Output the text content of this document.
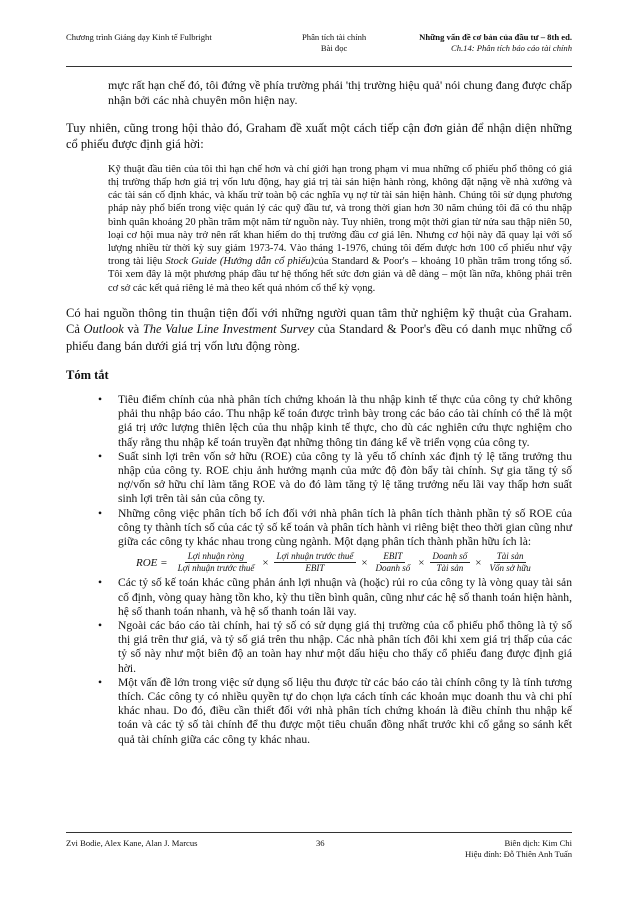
Chương trình Giảng dạy Kinh tế Fulbright	Phân tích tài chính
Bài đọc
Những vấn đề cơ bản của đầu tư – 8th ed.
Ch.14: Phân tích báo cáo tài chính

mực rất hạn chế đó, tôi đứng về phía trường phái 'thị trường hiệu quả' nói chung đang được chấp nhận bởi các nhà chuyên môn hiện nay.

Tuy nhiên, cũng trong hội thảo đó, Graham đề xuất một cách tiếp cận đơn giản để nhận diện những cổ phiếu được định giá hời:

Kỹ thuật đầu tiên của tôi thì hạn chế hơn và chỉ giới hạn trong phạm vi mua những cổ phiếu phổ thông có giá thị trường thấp hơn giá trị vốn lưu động, hay giá trị tài sản hiện hành ròng, không đặt nặng về nhà xưởng và các tài sản cố định khác, và khấu trừ toàn bộ các nghĩa vụ nợ từ tài sản hiện hành. Chúng tôi sử dụng phương pháp này phổ biến trong việc quản lý các quỹ đầu tư, và trong thời gian hơn 30 năm chúng tôi đã có thu nhập bình quân khoảng 20 phần trăm một năm từ nguồn này. Tuy nhiên, trong một thời gian từ nửa sau thập niên 50, loại cơ hội mua này trở nên rất khan hiếm do thị trường đầu cơ giá lên. Nhưng cơ hội này đã quay lại với số lượng nhiều từ thời kỳ suy giảm 1973-74. Vào tháng 1-1976, chúng tôi đếm được hơn 100 cổ phiếu như vậy trong tài liệu Stock Guide (Hướng dẫn cổ phiếu)của Standard & Poor's – khoảng 10 phần trăm trong tổng số. Tôi xem đây là một phương pháp đầu tư hệ thống hết sức đơn giản và dễ dàng – một lần nữa, không phải trên cơ sở các kết quả riêng lẻ mà theo kết quả nhóm cổ thể kỳ vọng.

Có hai nguồn thông tin thuận tiện đối với những người quan tâm thử nghiệm kỹ thuật của Graham. Cả Outlook và The Value Line Investment Survey của Standard & Poor's đều có danh mục những cổ phiếu đang bán dưới giá trị vốn lưu động ròng.

Tóm tắt

• Tiêu điểm chính của nhà phân tích chứng khoán là thu nhập kinh tế thực của công ty chứ không phải thu nhập báo cáo. Thu nhập kế toán được trình bày trong các báo cáo tài chính có thể là một giá trị ước lượng thiên lệch của thu nhập kinh tế thực, cho dù các nghiên cứu thực nghiệm cho thấy rằng thu nhập kế toán truyền đạt những thông tin đáng kể về triển vọng của công ty.
• Suất sinh lợi trên vốn sở hữu (ROE) của công ty là yếu tố chính xác định tỷ lệ tăng trưởng thu nhập của công ty. ROE chịu ảnh hưởng mạnh của mức độ đòn bẩy tài chính. Sự gia tăng tỷ số nợ/vốn sở hữu chỉ làm tăng ROE và do đó làm tăng tỷ lệ tăng trưởng nếu lãi vay thấp hơn suất sinh lợi trên tài sản của công ty.
• Những công việc phân tích bổ ích đối với nhà phân tích là phân tích thành phần tỷ số ROE của công ty thành tích số của các tỷ số kế toán và phân tích hành vi riêng biệt theo thời gian cũng như giữa các công ty khác nhau trong cùng ngành. Một dạng phân tích thành phần hữu ích là:
ROE = $\frac{\text{Lợi nhuận ròng}}{\text{Lợi nhuận trước thuế}} \times \frac{\text{Lợi nhuận trước thuế}}{\text{EBIT}} \times \frac{\text{EBIT}}{\text{Doanh số}} \times \frac{\text{Doanh số}}{\text{Tài sản}} \times \frac{\text{Tài sản}}{\text{Vốn sở hữu}}$
• Các tỷ số kế toán khác cũng phản ánh lợi nhuận và (hoặc) rủi ro của công ty là vòng quay tài sản cố định, vòng quay hàng tồn kho, kỳ thu tiền bình quân, cũng như các hệ số thanh toán hiện hành, hệ số thanh toán nhanh, và hệ số thanh toán lãi vay.
• Ngoài các báo cáo tài chính, hai tỷ số có sử dụng giá thị trường của cổ phiếu phổ thông là tỷ số thị giá trên thư giá, và tỷ số giá trên thu nhập. Các nhà phân tích đôi khi xem giá trị thấp của các tỷ số này như một biên độ an toàn hay như một dấu hiệu cho thấy cổ phiếu đang được định giá hời.
• Một vấn đề lớn trong việc sử dụng số liệu thu được từ các báo cáo tài chính công ty là tính tương thích. Các công ty có nhiều quyền tự do chọn lựa cách tính các khoản mục doanh thu và chi phí khác nhau. Do đó, điều cần thiết đối với nhà phân tích chứng khoán là điều chỉnh thu nhập kế toán và các tỷ số tài chính để thu được một tiêu chuẩn đồng nhất trước khi cố gắng so sánh kết quả tài chính giữa các công ty khác nhau.
Zvi Bodie, Alex Kane, Alan J. Marcus	36	Biên dịch: Kim Chi
Hiệu đính: Đỗ Thiên Anh Tuấn
